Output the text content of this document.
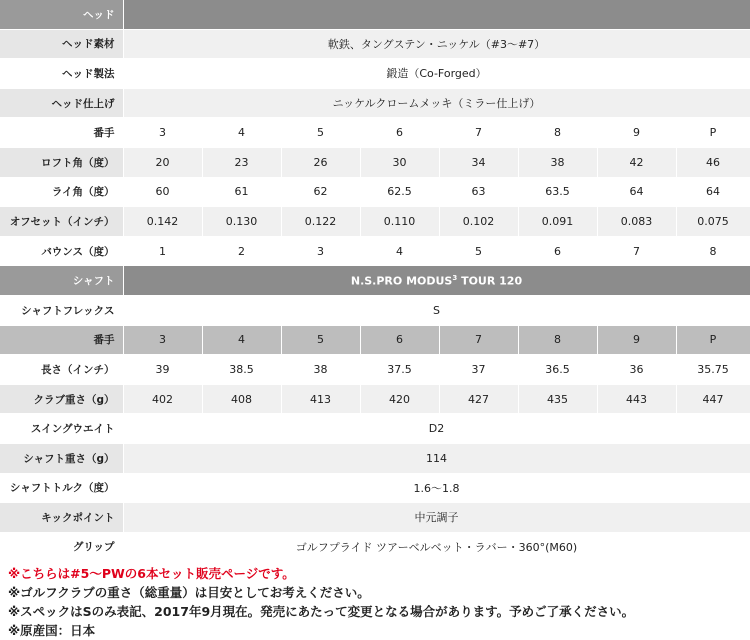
ヘッド								
ヘッド素材	軟鉄、タングステン・ニッケル（#3〜#7）							
ヘッド製法	鍛造（Co-Forged）							
ヘッド仕上げ	ニッケルクロームメッキ（ミラー仕上げ）							
番手	3	4	5	6	7	8	9	P
ロフト角（度）	20	23	26	30	34	38	42	46
ライ角（度）	60	61	62	62.5	63	63.5	64	64
オフセット（インチ）	0.142	0.130	0.122	0.110	0.102	0.091	0.083	0.075
バウンス（度）	1	2	3	4	5	6	7	8
シャフト	N.S.PRO MODUS$^3$ TOUR 120							
シャフトフレックス	S							
番手	3	4	5	6	7	8	9	P
長さ（インチ）	39	38.5	38	37.5	37	36.5	36	35.75
クラブ重さ（g）	402	408	413	420	427	435	443	447
スイングウエイト	D2							
シャフト重さ（g）	114							
シャフトトルク（度）	1.6〜1.8							
キックポイント	中元調子							
グリップ	ゴルフプライド ツアーベルベット・ラバー・360°(M60)							
※こちらは#5〜PWの6本セット販売ページです。
※ゴルフクラブの重さ（総重量）は目安としてお考えください。
※スペックはSのみ表記、2017年9月現在。発売にあたって変更となる場合があります。予めご了承ください。
※原産国：日本
